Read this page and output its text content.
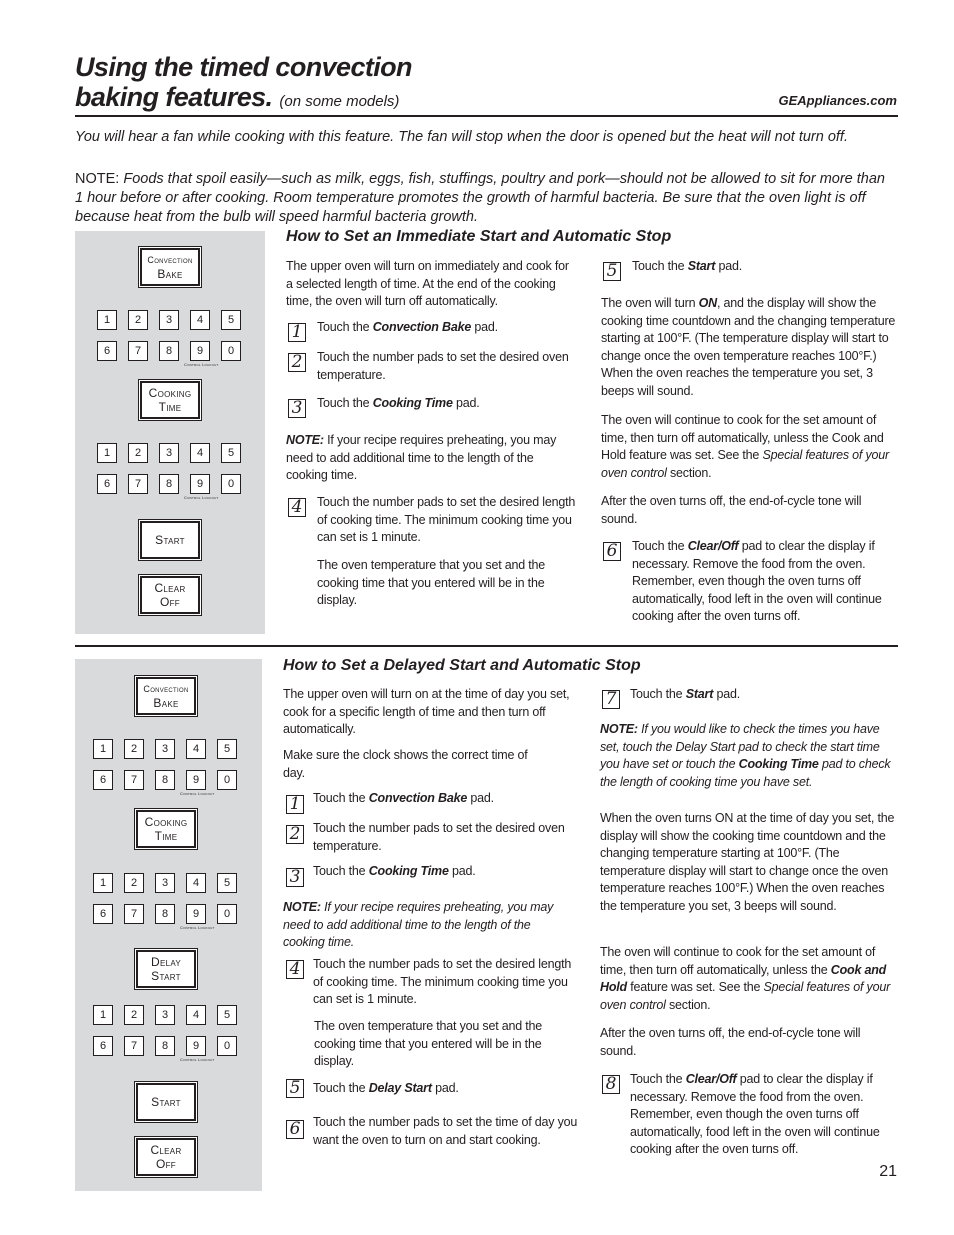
Using the timed convection
baking features. (on some models)	GEAppliances.com
You will hear a fan while cooking with this feature. The fan will stop when the door is opened but the heat will not turn off.
NOTE: Foods that spoil easily—such as milk, eggs, fish, stuffings, poultry and pork—should not be allowed to sit for more than 1 hour before or after cooking. Room temperature promotes the growth of harmful bacteria. Be sure that the oven light is off because heat from the bulb will speed harmful bacteria growth.
Convection
Bake
Cooking
Time
Start
Clear
Off
1	2	3	4	5
6	7	8	9	0
Control Lockout
1	2	3	4	5
6	7	8	9	0
Control Lockout
How to Set an Immediate Start and Automatic Stop
The upper oven will turn on immediately and cook for a selected length of time. At the end of the cooking time, the oven will turn off automatically.
1 Touch the Convection Bake pad.
2 Touch the number pads to set the desired oven temperature.
3 Touch the Cooking Time pad.
NOTE: If your recipe requires preheating, you may need to add additional time to the length of the cooking time.
4 Touch the number pads to set the desired length of cooking time. The minimum cooking time you can set is 1 minute.
The oven temperature that you set and the cooking time that you entered will be in the display.
5 Touch the Start pad.
The oven will turn ON, and the display will show the cooking time countdown and the changing temperature starting at 100°F. (The temperature display will start to change once the oven temperature reaches 100°F.) When the oven reaches the temperature you set, 3 beeps will sound.
The oven will continue to cook for the set amount of time, then turn off automatically, unless the Cook and Hold feature was set. See the Special features of your oven control section.
After the oven turns off, the end-of-cycle tone will sound.
6 Touch the Clear/Off pad to clear the display if necessary. Remove the food from the oven. Remember, even though the oven turns off automatically, food left in the oven will continue cooking after the oven turns off.
Convection
Bake
Cooking
Time
Delay
Start
Start
Clear
Off
1	2	3	4	5
6	7	8	9	0
Control Lockout
1	2	3	4	5
6	7	8	9	0
Control Lockout
1	2	3	4	5
6	7	8	9	0
Control Lockout
How to Set a Delayed Start and Automatic Stop
The upper oven will turn on at the time of day you set, cook for a specific length of time and then turn off automatically.
Make sure the clock shows the correct time of day.
1 Touch the Convection Bake pad.
2 Touch the number pads to set the desired oven temperature.
3 Touch the Cooking Time pad.
NOTE: If your recipe requires preheating, you may need to add additional time to the length of the cooking time.
4 Touch the number pads to set the desired length of cooking time. The minimum cooking time you can set is 1 minute.
The oven temperature that you set and the cooking time that you entered will be in the display.
5 Touch the Delay Start pad.
6 Touch the number pads to set the time of day you want the oven to turn on and start cooking.
7 Touch the Start pad.
NOTE: If you would like to check the times you have set, touch the Delay Start pad to check the start time you have set or touch the Cooking Time pad to check the length of cooking time you have set.
When the oven turns ON at the time of day you set, the display will show the cooking time countdown and the changing temperature starting at 100°F. (The temperature display will start to change once the oven temperature reaches 100°F.) When the oven reaches the temperature you set, 3 beeps will sound.
The oven will continue to cook for the set amount of time, then turn off automatically, unless the Cook and Hold feature was set. See the Special features of your oven control section.
After the oven turns off, the end-of-cycle tone will sound.
8 Touch the Clear/Off pad to clear the display if necessary. Remove the food from the oven. Remember, even though the oven turns off automatically, food left in the oven will continue cooking after the oven turns off.
21
